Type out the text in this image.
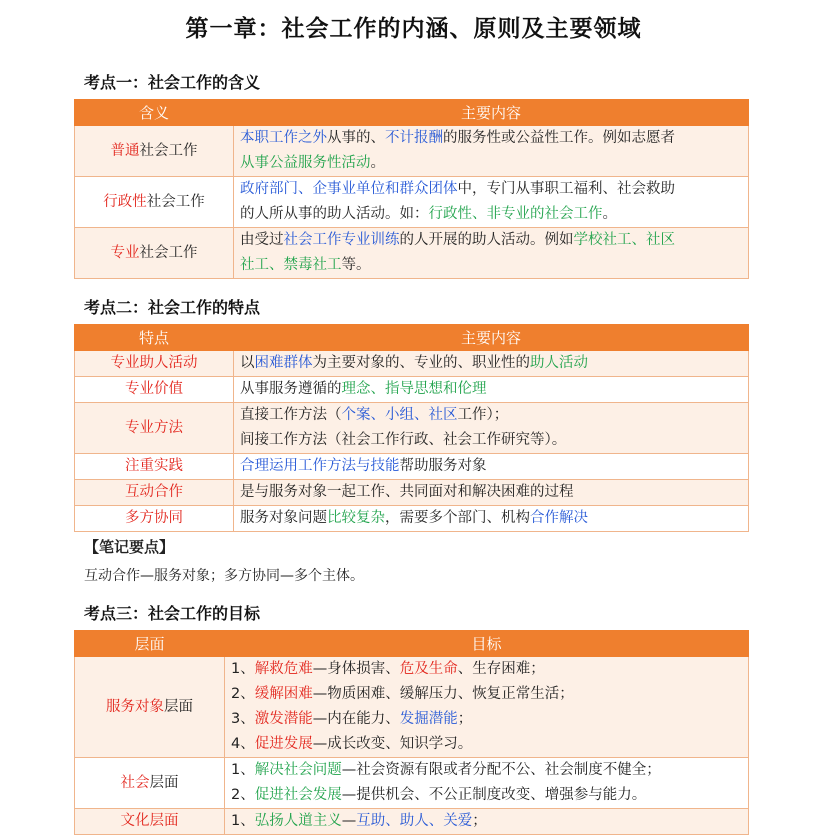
第一章：社会工作的内涵、原则及主要领域
考点一：社会工作的含义
含义	主要内容
普通社会工作	本职工作之外从事的、不计报酬的服务性或公益性工作。例如志愿者
从事公益服务性活动。
行政性社会工作	政府部门、企事业单位和群众团体中，专门从事职工福利、社会救助
的人所从事的助人活动。如：行政性、非专业的社会工作。
专业社会工作	由受过社会工作专业训练的人开展的助人活动。例如学校社工、社区
社工、禁毒社工等。
考点二：社会工作的特点
特点	主要内容
专业助人活动	以困难群体为主要对象的、专业的、职业性的助人活动
专业价值	从事服务遵循的理念、指导思想和伦理
专业方法	直接工作方法（个案、小组、社区工作）；
间接工作方法（社会工作行政、社会工作研究等）。
注重实践	合理运用工作方法与技能帮助服务对象
互动合作	是与服务对象一起工作、共同面对和解决困难的过程
多方协同	服务对象问题比较复杂，需要多个部门、机构合作解决
【笔记要点】
互动合作—服务对象；多方协同—多个主体。
考点三：社会工作的目标
层面	目标
服务对象层面	1、解救危难—身体损害、危及生命、生存困难；
2、缓解困难—物质困难、缓解压力、恢复正常生活；
3、激发潜能—内在能力、发掘潜能；
4、促进发展—成长改变、知识学习。
社会层面	1、解决社会问题—社会资源有限或者分配不公、社会制度不健全；
2、促进社会发展—提供机会、不公正制度改变、增强参与能力。
文化层面	1、弘扬人道主义—互助、助人、关爱；
